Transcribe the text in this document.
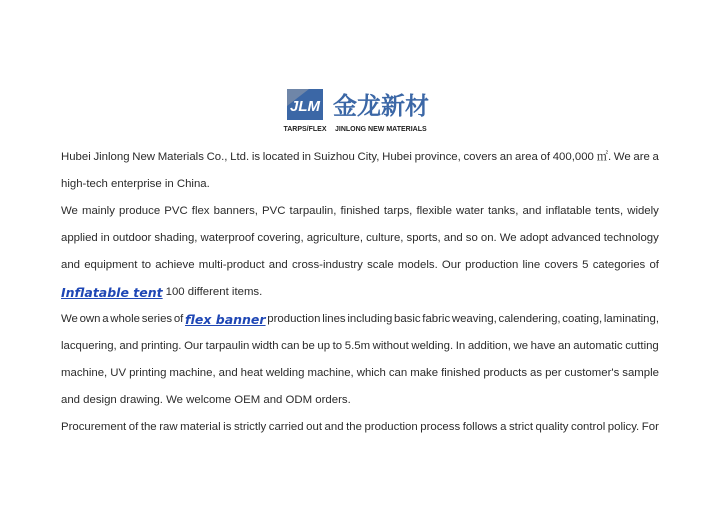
JLM
TARPS/FLEX
金龙新材
JINLONG NEW MATERIALS
Hubei Jinlong New Materials Co., Ltd. is located in Suizhou City, Hubei province, covers an area of 400,000 ㎡. We are a
high-tech enterprise in China.
We mainly produce PVC flex banners, PVC tarpaulin, finished tarps, flexible water tanks, and inflatable tents, widely
applied in outdoor shading, waterproof covering, agriculture, culture, sports, and so on. We adopt advanced technology
and equipment to achieve multi-product and cross-industry scale models. Our production line covers 5 categories of
Inflatable tent 100 different items.
We own a whole series of flex banner production lines including basic fabric weaving, calendering, coating, laminating,
lacquering, and printing. Our tarpaulin width can be up to 5.5m without welding. In addition, we have an automatic cutting
machine, UV printing machine, and heat welding machine, which can make finished products as per customer's sample
and design drawing. We welcome OEM and ODM orders.
Procurement of the raw material is strictly carried out and the production process follows a strict quality control policy. For
